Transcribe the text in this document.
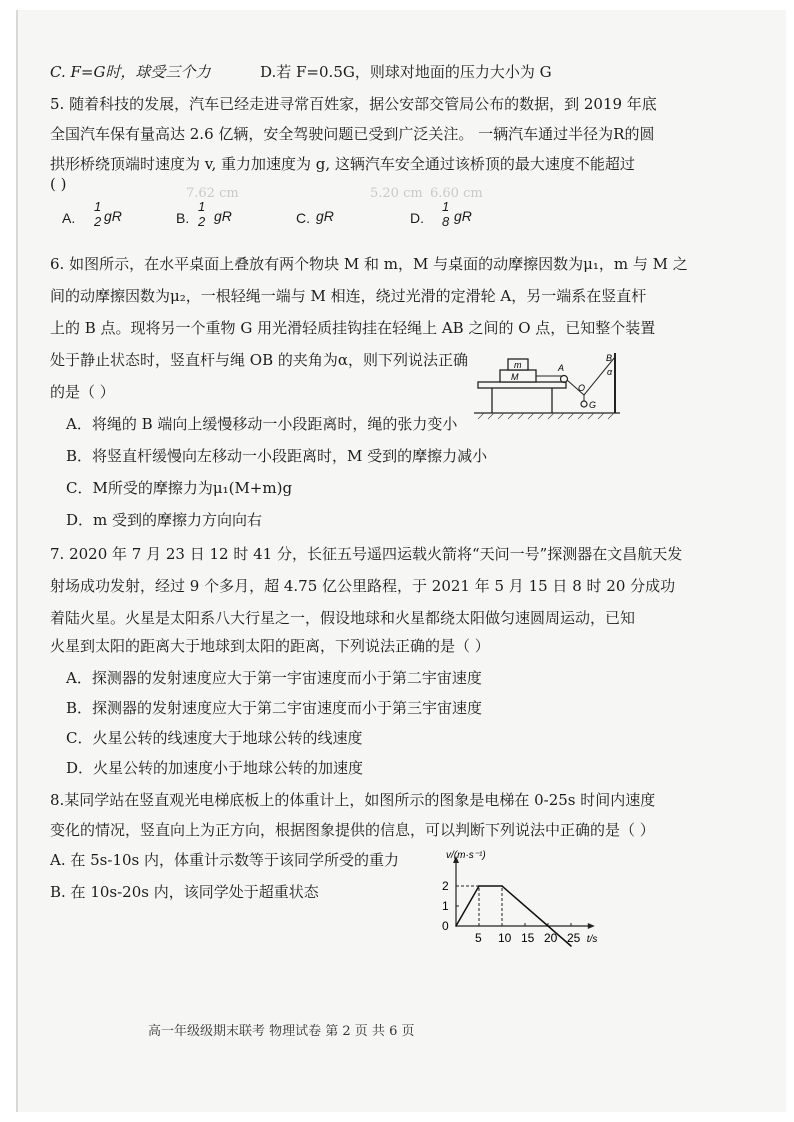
6.60 cm
5.20 cm
7.62 cm
C. F=G时，球受三个力	D.若 F=0.5G，则球对地面的压力大小为 G
5. 随着科技的发展，汽车已经走进寻常百姓家，据公安部交管局公布的数据，到 2019 年底
全国汽车保有量高达 2.6 亿辆，安全驾驶问题已受到广泛关注。 一辆汽车通过半径为R的圆
拱形桥绕顶端时速度为 v, 重力加速度为 g, 这辆汽车安全通过该桥顶的最大速度不能超过
( )
A.
1
2 gR	B.
1
2 gR	C. gR	D.
1
8 gR
6. 如图所示，在水平桌面上叠放有两个物块 M 和 m，M 与桌面的动摩擦因数为μ₁，m 与 M 之
间的动摩擦因数为μ₂，一根轻绳一端与 M 相连，绕过光滑的定滑轮 A，另一端系在竖直杆
上的 B 点。现将另一个重物 G 用光滑轻质挂钩挂在轻绳上 AB 之间的 O 点，已知整个装置
处于静止状态时，竖直杆与绳 OB 的夹角为α，则下列说法正确
的是（ ）
m
M
A
B
O
α
G
A．将绳的 B 端向上缓慢移动一小段距离时，绳的张力变小
B．将竖直杆缓慢向左移动一小段距离时，M 受到的摩擦力减小
C．M所受的摩擦力为μ₁(M+m)g
D．m 受到的摩擦力方向向右
7. 2020 年 7 月 23 日 12 时 41 分，长征五号遥四运载火箭将“天问一号”探测器在文昌航天发
射场成功发射，经过 9 个多月，超 4.75 亿公里路程，于 2021 年 5 月 15 日 8 时 20 分成功
着陆火星。火星是太阳系八大行星之一，假设地球和火星都绕太阳做匀速圆周运动，已知
火星到太阳的距离大于地球到太阳的距离，下列说法正确的是（ ）
A．探测器的发射速度应大于第一宇宙速度而小于第二宇宙速度
B．探测器的发射速度应大于第二宇宙速度而小于第三宇宙速度
C．火星公转的线速度大于地球公转的线速度
D．火星公转的加速度小于地球公转的加速度
8.某同学站在竖直观光电梯底板上的体重计上，如图所示的图象是电梯在 0-25s 时间内速度
变化的情况，竖直向上为正方向，根据图象提供的信息，可以判断下列说法中正确的是（ ）
A. 在 5s-10s 内，体重计示数等于该同学所受的重力
B. 在 10s-20s 内，该同学处于超重状态
v/(m·s⁻¹)
t/s
0
1
2
5 10 15 20 25
高一年级级期末联考 物理试卷 第 2 页 共 6 页
